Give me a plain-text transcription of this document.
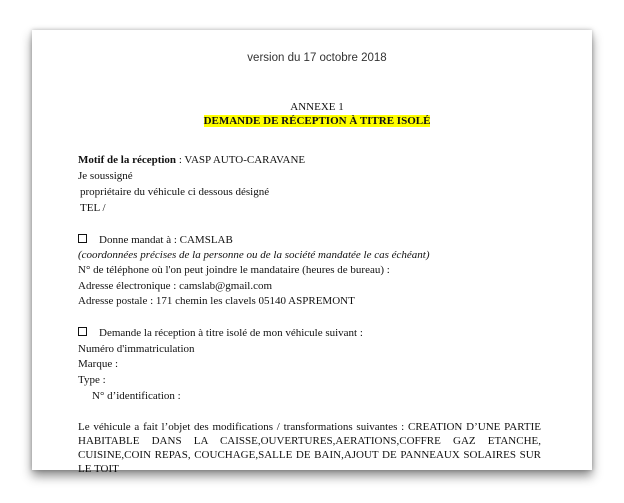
version du 17 octobre 2018
ANNEXE 1
DEMANDE DE RÉCEPTION À TITRE ISOLÉ
Motif de la réception : VASP AUTO-CARAVANE
Je soussigné
propriétaire du véhicule ci dessous désigné
TEL /
Donne mandat à : CAMSLAB
(coordonnées précises de la personne ou de la société mandatée le cas échéant)
N° de téléphone où l'on peut joindre le mandataire (heures de bureau) :
Adresse électronique : camslab@gmail.com
Adresse postale : 171 chemin les clavels 05140 ASPREMONT
Demande la réception à titre isolé de mon véhicule suivant :
Numéro d'immatriculation
Marque :
Type :
N° d’identification :
Le véhicule a fait l’objet des modifications / transformations suivantes : CREATION D’UNE PARTIE HABITABLE DANS LA CAISSE,OUVERTURES,AERATIONS,COFFRE GAZ ETANCHE, CUISINE,COIN REPAS, COUCHAGE,SALLE DE BAIN,AJOUT DE PANNEAUX SOLAIRES SUR LE TOIT
